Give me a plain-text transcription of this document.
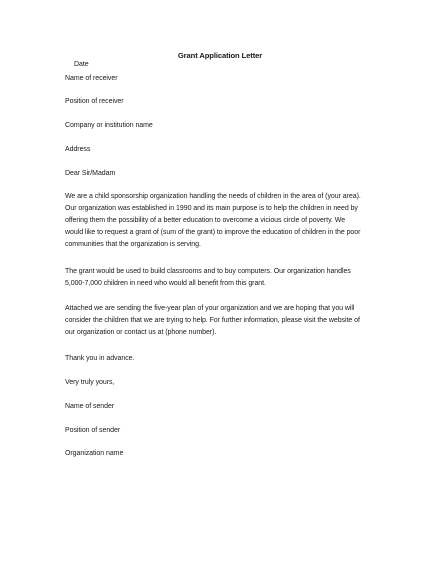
Grant Application Letter
Date
Name of receiver
Position of receiver
Company or institution name
Address
Dear Sir/Madam
We are a child sponsorship organization handling the needs of children in the area of (your area).
Our organization was established in 1990 and its main purpose is to help the children in need by
offering them the possibility of a better education to overcome a vicious circle of poverty. We
would like to request a grant of (sum of the grant) to improve the education of children in the poor
communities that the organization is serving.
The grant would be used to build classrooms and to buy computers. Our organization handles
5,000-7,000 children in need who would all benefit from this grant.
Attached we are sending the five-year plan of your organization and we are hoping that you will
consider the children that we are trying to help. For further information, please visit the website of
our organization or contact us at (phone number).
Thank you in advance.
Very truly yours,
Name of sender
Position of sender
Organization name
